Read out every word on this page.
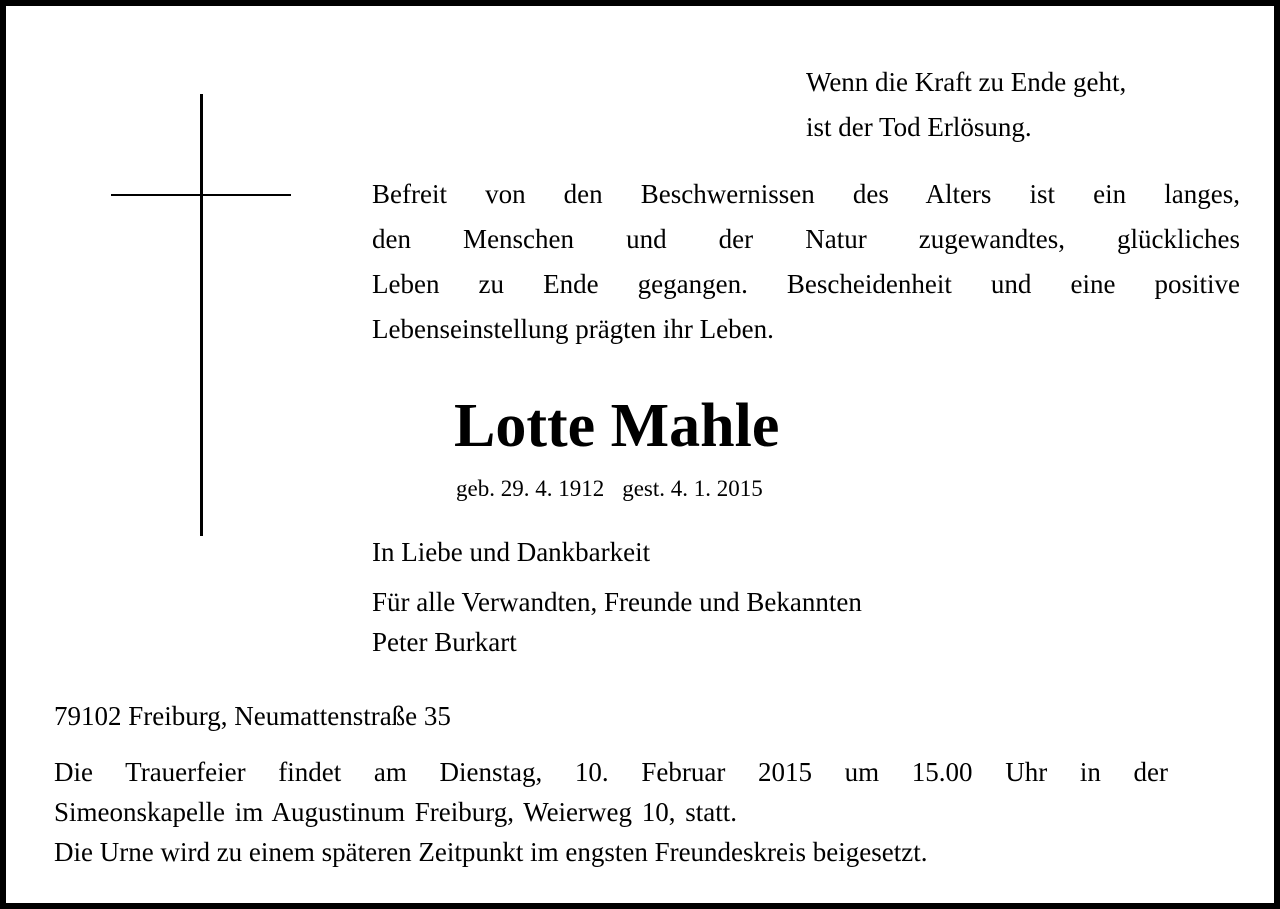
Wenn die Kraft zu Ende geht,
ist der Tod Erlösung.
Befreit von den Beschwernissen des Alters ist ein langes,
den Menschen und der Natur zugewandtes, glückliches
Leben zu Ende gegangen. Bescheidenheit und eine positive
Lebenseinstellung prägten ihr Leben.
Lotte Mahle
geb. 29. 4. 1912 gest. 4. 1. 2015
In Liebe und Dankbarkeit
Für alle Verwandten, Freunde und Bekannten
Peter Burkart
79102 Freiburg, Neumattenstraße 35
Die Trauerfeier findet am Dienstag, 10. Februar 2015 um 15.00 Uhr in der
Simeonskapelle im Augustinum Freiburg, Weierweg 10, statt.
Die Urne wird zu einem späteren Zeitpunkt im engsten Freundeskreis beigesetzt.
